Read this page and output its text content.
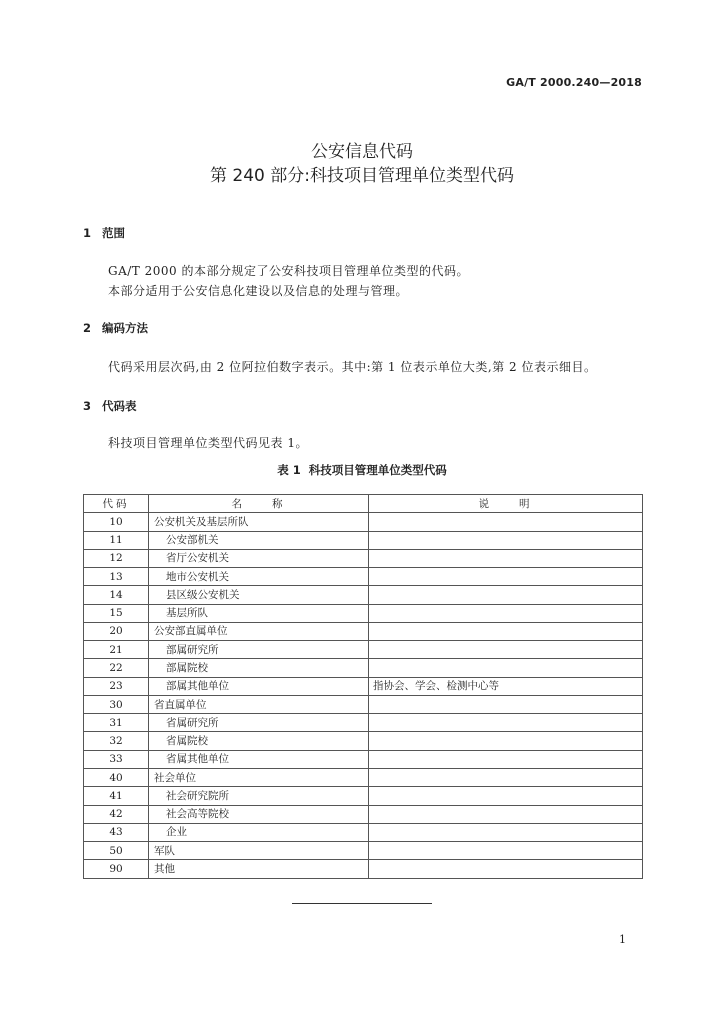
GA/T 2000.240—2018
公安信息代码
第 240 部分:科技项目管理单位类型代码
1 范围
GA/T 2000 的本部分规定了公安科技项目管理单位类型的代码。
本部分适用于公安信息化建设以及信息的处理与管理。
2 编码方法
代码采用层次码,由 2 位阿拉伯数字表示。其中:第 1 位表示单位大类,第 2 位表示细目。
3 代码表
科技项目管理单位类型代码见表 1。
表 1  科技项目管理单位类型代码
代码	名　　称	说　　明
10	公安机关及基层所队	
11	公安部机关	
12	省厅公安机关	
13	地市公安机关	
14	县区级公安机关	
15	基层所队	
20	公安部直属单位	
21	部属研究所	
22	部属院校	
23	部属其他单位	指协会、学会、检测中心等
30	省直属单位	
31	省属研究所	
32	省属院校	
33	省属其他单位	
40	社会单位	
41	社会研究院所	
42	社会高等院校	
43	企业	
50	军队	
90	其他	
1
